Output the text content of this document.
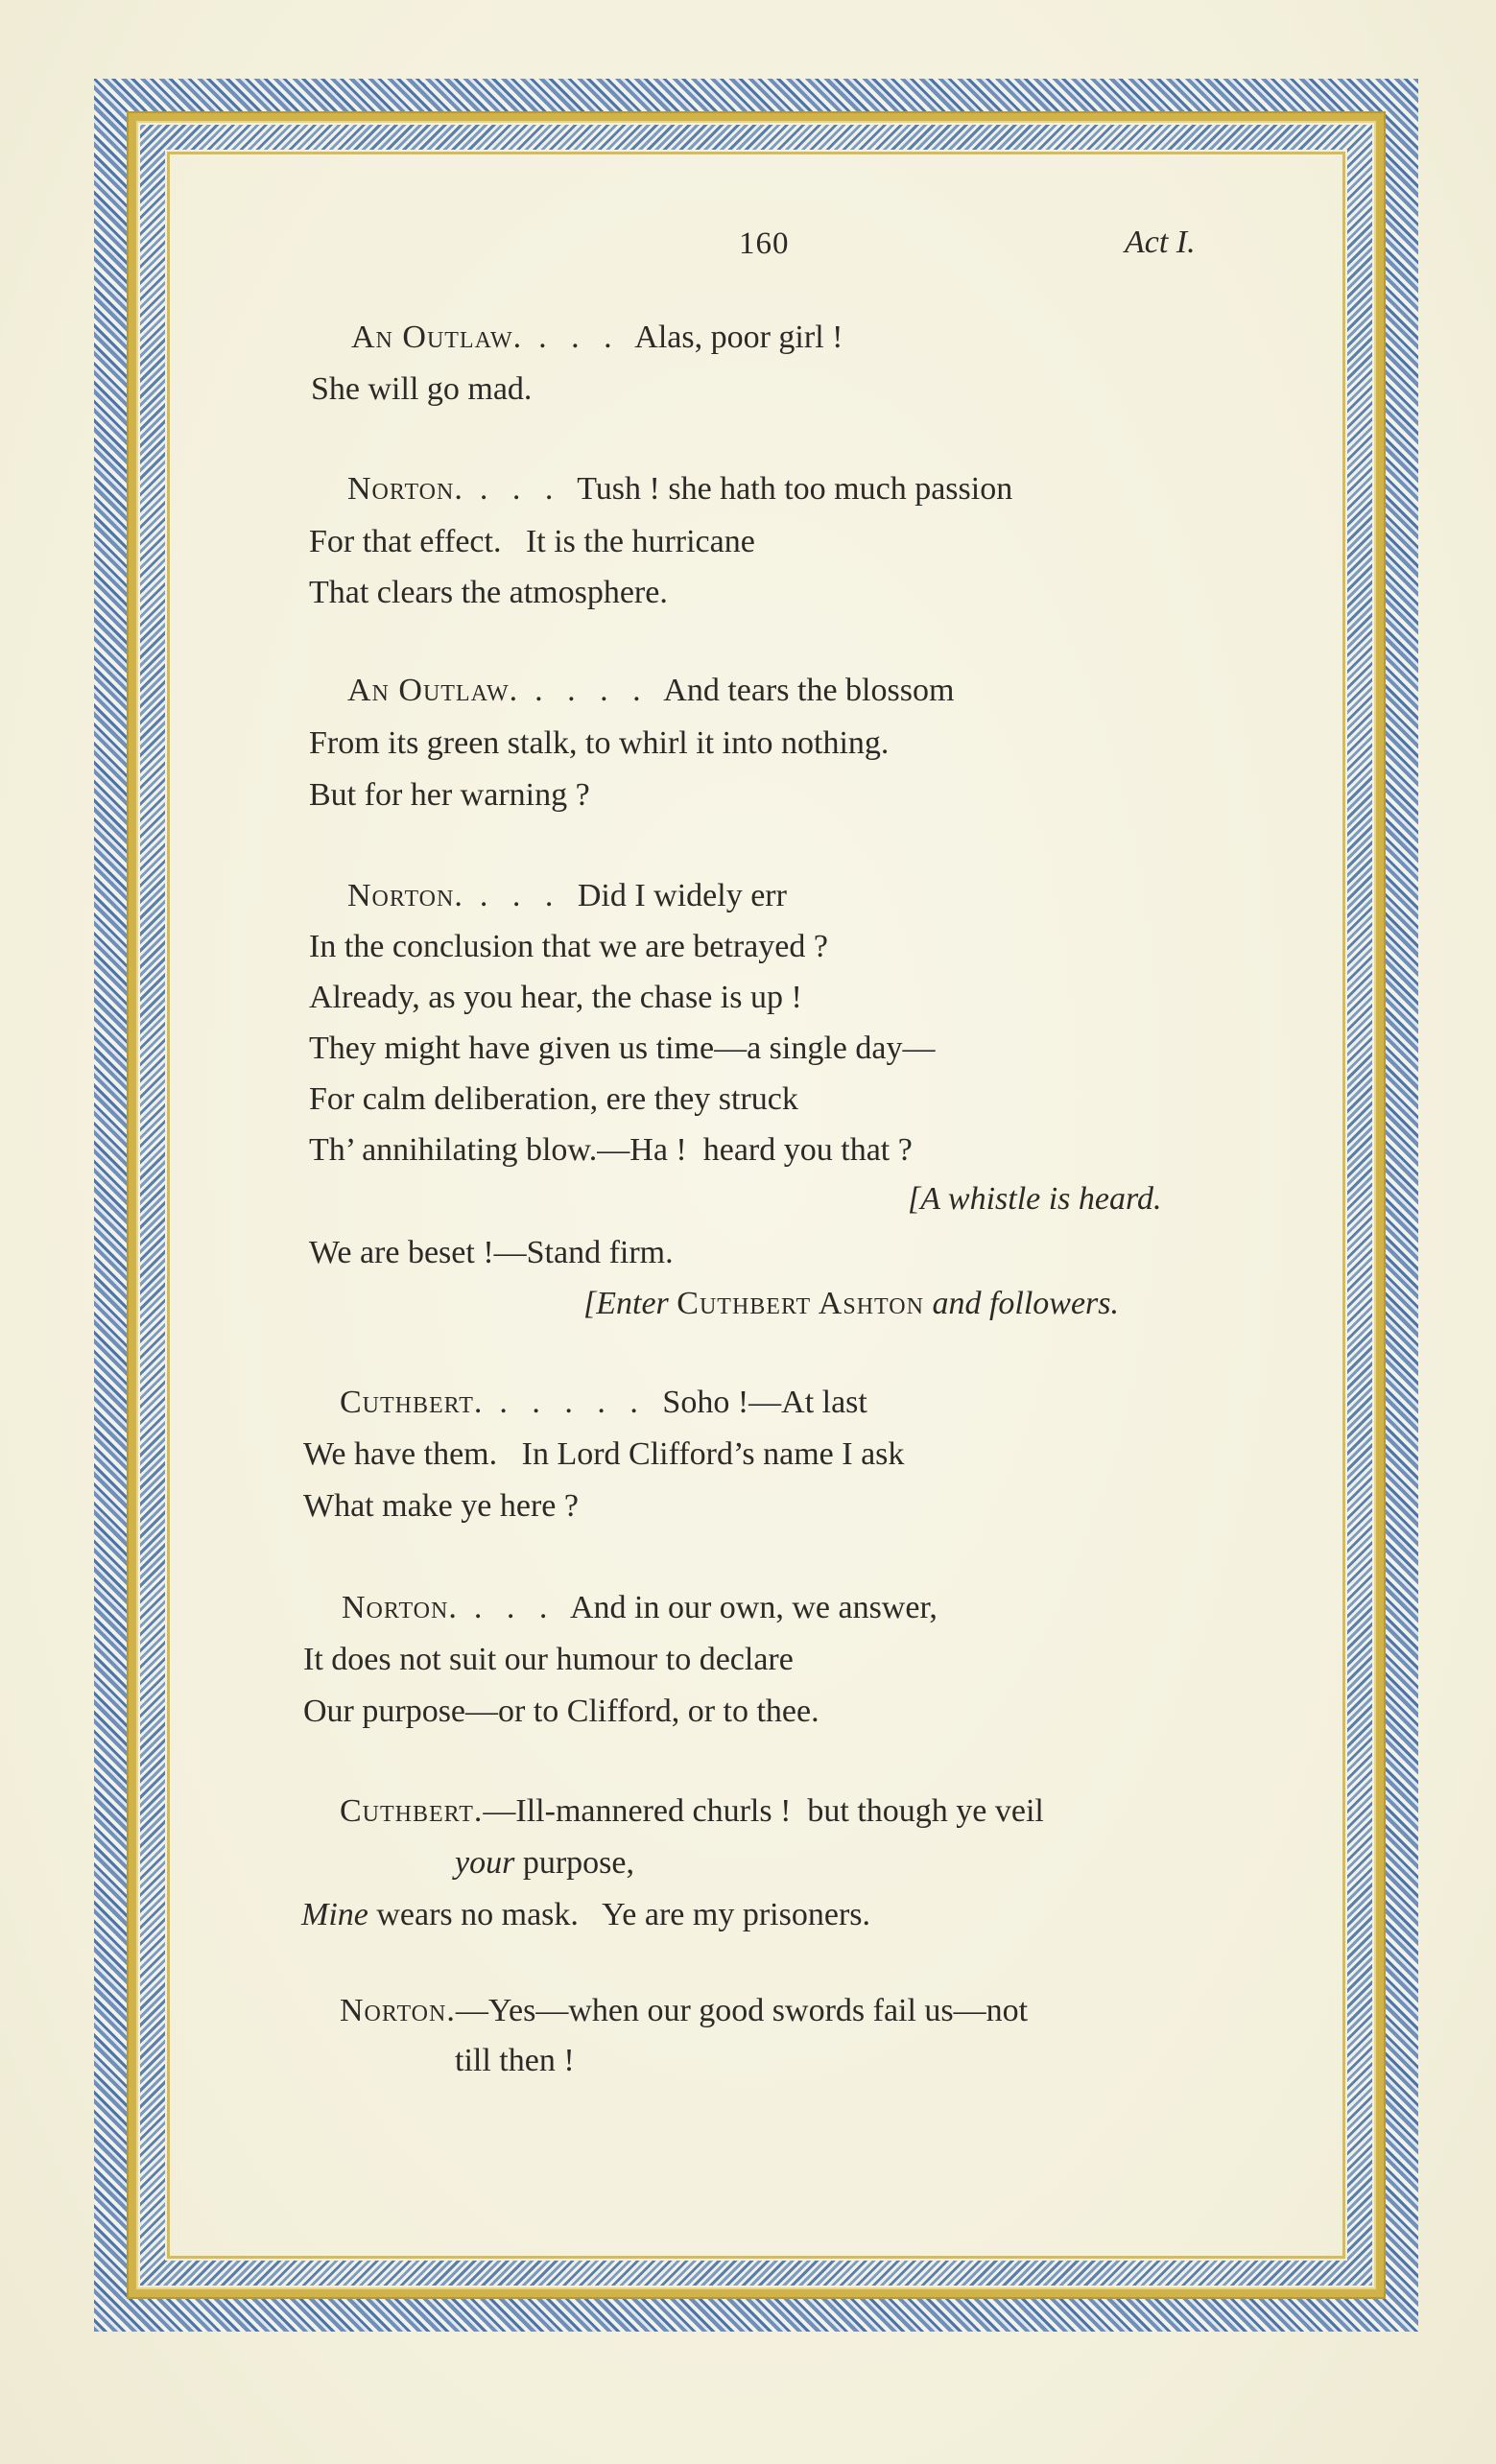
160	Act I.
An Outlaw.  .   .   .   Alas, poor girl !
She will go mad.
Norton.  .   .   .   Tush ! she hath too much passion
For that effect.   It is the hurricane
That clears the atmosphere.
An Outlaw.  .   .   .   .   And tears the blossom
From its green stalk, to whirl it into nothing.
But for her warning ?
Norton.  .   .   .   Did I widely err
In the conclusion that we are betrayed ?
Already, as you hear, the chase is up !
They might have given us time—a single day—
For calm deliberation, ere they struck
Th’ annihilating blow.—Ha !  heard you that ?
[A whistle is heard.
We are beset !—Stand firm.
[Enter Cuthbert Ashton and followers.
Cuthbert.  .   .   .   .   .   Soho !—At last
We have them.   In Lord Clifford’s name I ask
What make ye here ?
Norton.  .   .   .   And in our own, we answer,
It does not suit our humour to declare
Our purpose—or to Clifford, or to thee.
Cuthbert.—Ill-mannered churls !  but though ye veil
your purpose,
Mine wears no mask.   Ye are my prisoners.
Norton.—Yes—when our good swords fail us—not
till then !
